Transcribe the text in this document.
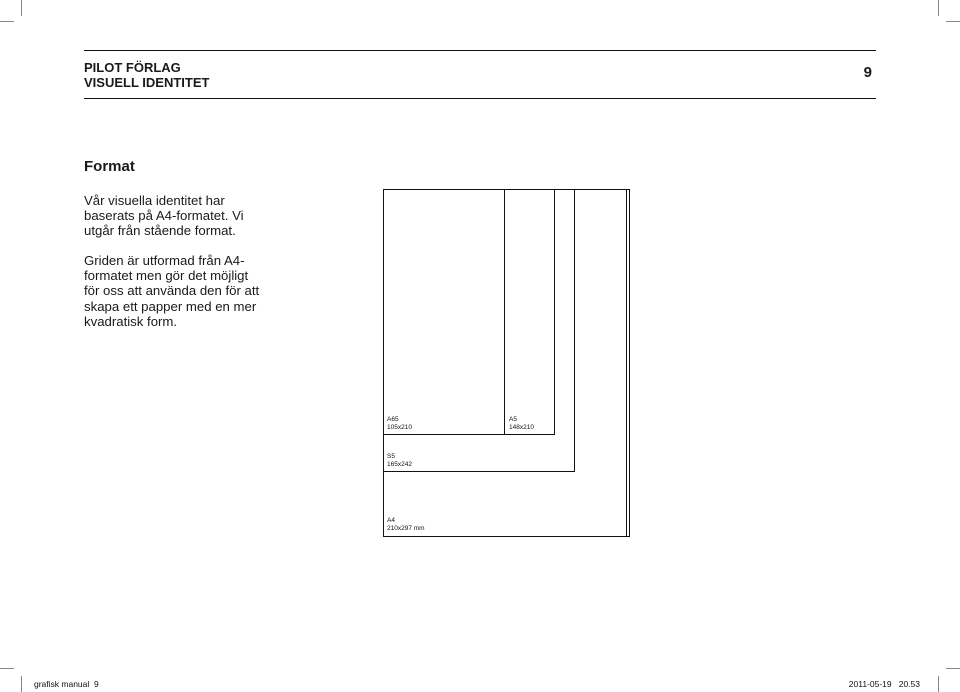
PILOT FÖRLAG
VISUELL IDENTITET
9
Format

Vår visuella identitet har
baserats på A4-formatet. Vi
utgår från stående format.

Griden är utformad från A4-
formatet men gör det möjligt
för oss att använda den för att
skapa ett papper med en mer
kvadratisk form.

A65
105x210
A5
148x210
S5
165x242
A4
210x297 mm
grafisk manual  9	2011-05-19   20.53
